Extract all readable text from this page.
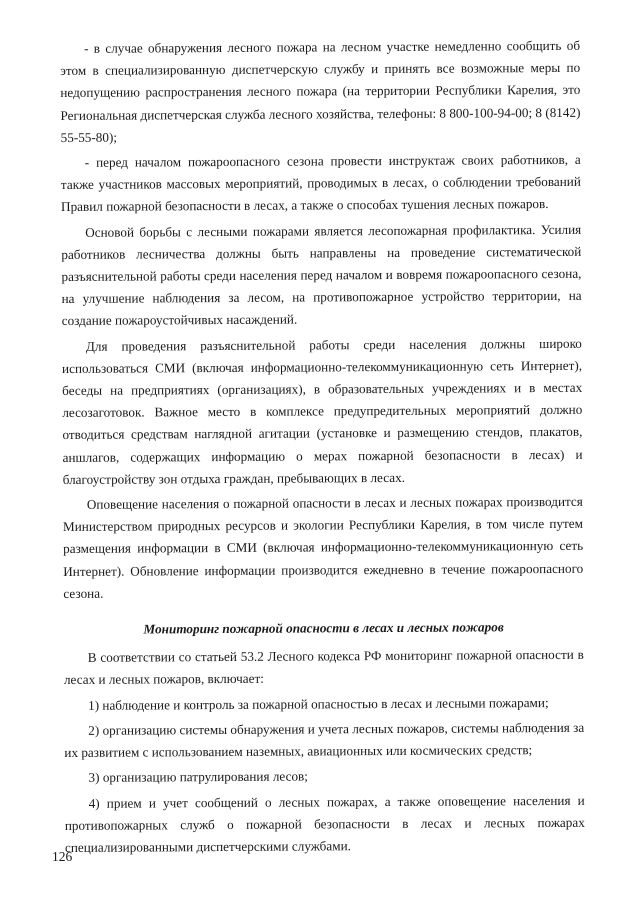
- в случае обнаружения лесного пожара на лесном участке немедленно сообщить об этом в специализированную диспетчерскую службу и принять все возможные меры по недопущению распространения лесного пожара (на территории Республики Карелия, это Региональная диспетчерская служба лесного хозяйства, телефоны: 8 800-100-94-00; 8 (8142) 55-55-80);

- перед началом пожароопасного сезона провести инструктаж своих работников, а также участников массовых мероприятий, проводимых в лесах, о соблюдении требований Правил пожарной безопасности в лесах, а также о способах тушения лесных пожаров.

Основой борьбы с лесными пожарами является лесопожарная профилактика. Усилия работников лесничества должны быть направлены на проведение систематической разъяснительной работы среди населения перед началом и вовремя пожароопасного сезона, на улучшение наблюдения за лесом, на противопожарное устройство территории, на создание пожароустойчивых насаждений.

Для проведения разъяснительной работы среди населения должны широко использоваться СМИ (включая информационно-телекоммуникационную сеть Интернет), беседы на предприятиях (организациях), в образовательных учреждениях и в местах лесозаготовок. Важное место в комплексе предупредительных мероприятий должно отводиться средствам наглядной агитации (установке и размещению стендов, плакатов, аншлагов, содержащих информацию о мерах пожарной безопасности в лесах) и благоустройству зон отдыха граждан, пребывающих в лесах.

Оповещение населения о пожарной опасности в лесах и лесных пожарах производится Министерством природных ресурсов и экологии Республики Карелия, в том числе путем размещения информации в СМИ (включая информационно-телекоммуникационную сеть Интернет). Обновление информации производится ежедневно в течение пожароопасного сезона.

Мониторинг пожарной опасности в лесах и лесных пожаров

В соответствии со статьей 53.2 Лесного кодекса РФ мониторинг пожарной опасности в лесах и лесных пожаров, включает:

1) наблюдение и контроль за пожарной опасностью в лесах и лесными пожарами;

2) организацию системы обнаружения и учета лесных пожаров, системы наблюдения за их развитием с использованием наземных, авиационных или космических средств;

3) организацию патрулирования лесов;

4) прием и учет сообщений о лесных пожарах, а также оповещение населения и противопожарных служб о пожарной безопасности в лесах и лесных пожарах специализированными диспетчерскими службами.

126
